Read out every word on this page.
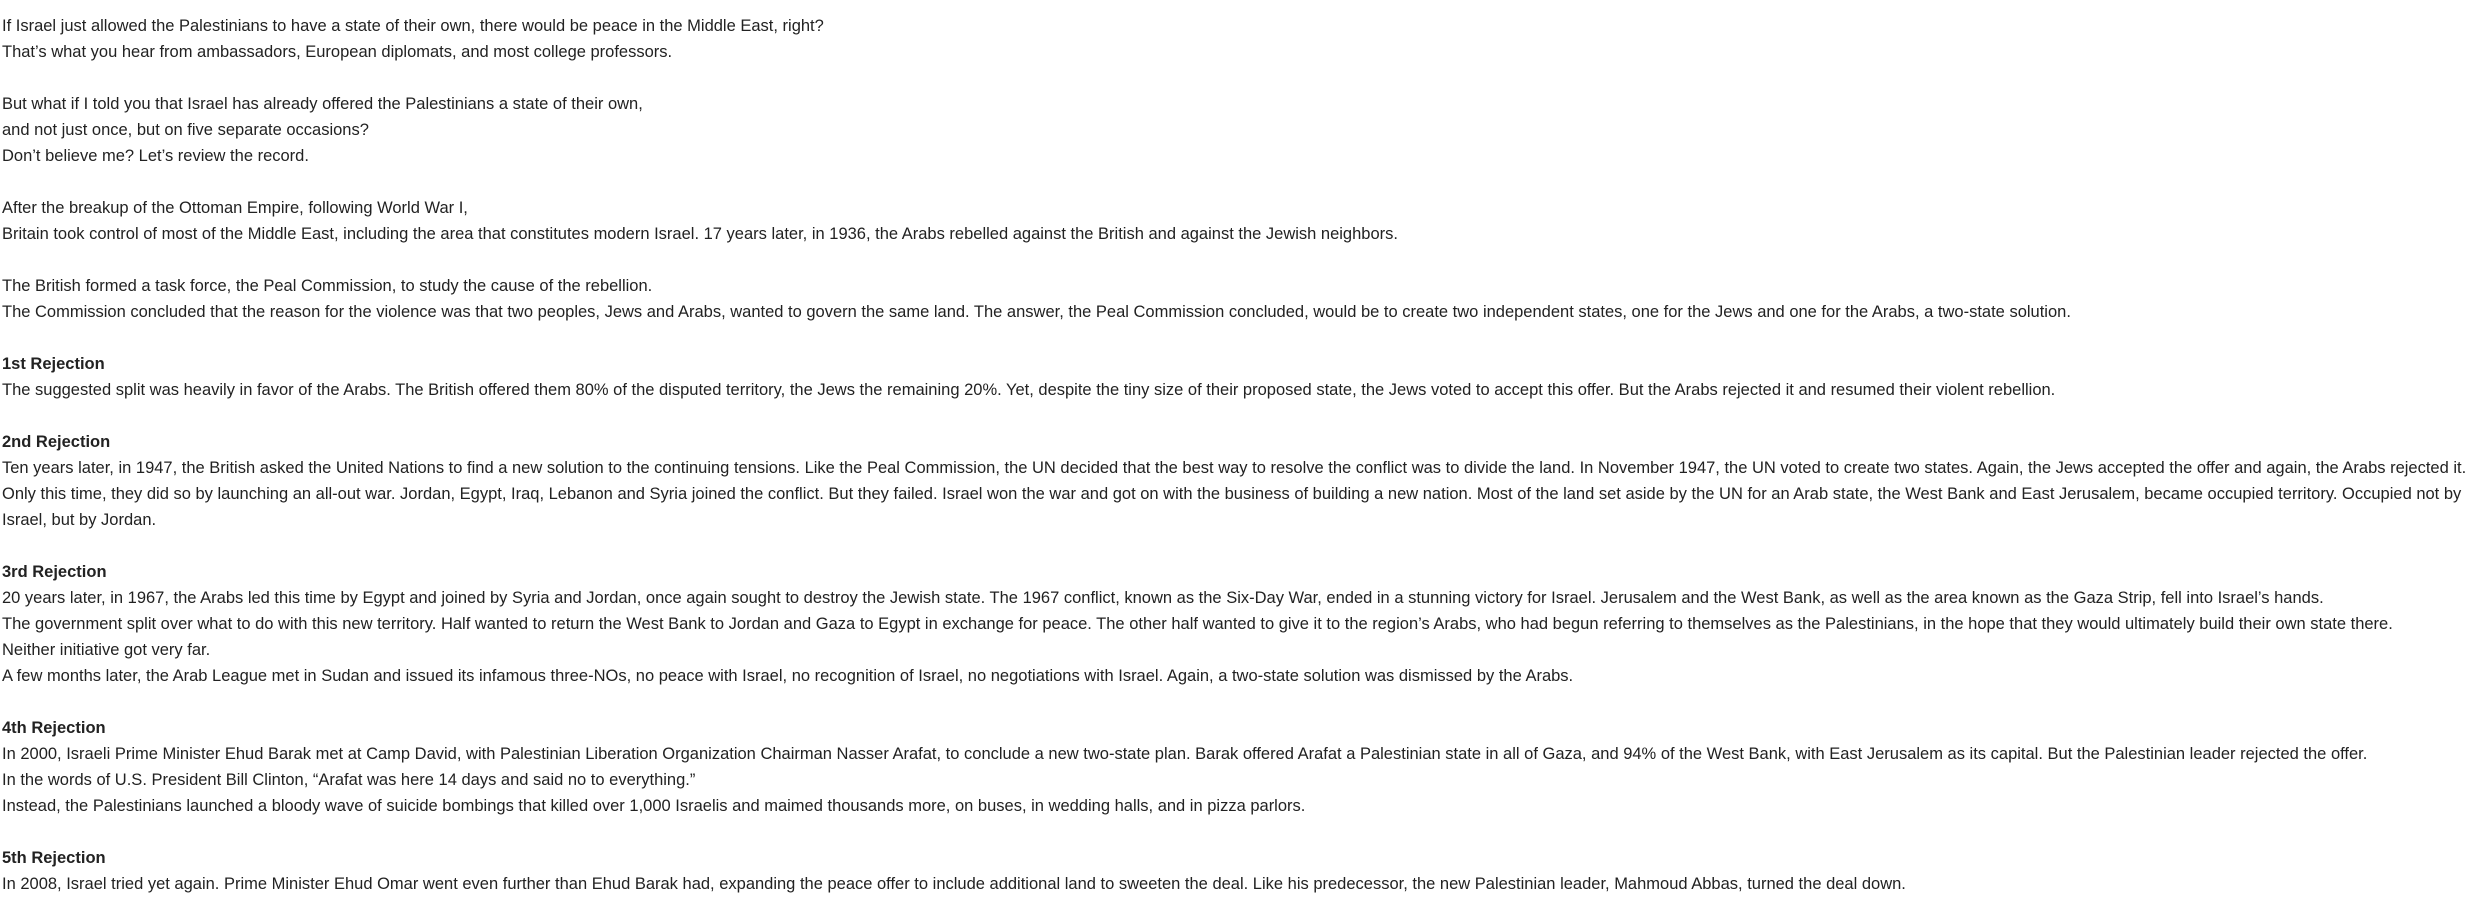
If Israel just allowed the Palestinians to have a state of their own, there would be peace in the Middle East, right?
That’s what you hear from ambassadors, European diplomats, and most college professors.
But what if I told you that Israel has already offered the Palestinians a state of their own,
and not just once, but on five separate occasions?
Don’t believe me? Let’s review the record.
After the breakup of the Ottoman Empire, following World War I,
Britain took control of most of the Middle East, including the area that constitutes modern Israel. 17 years later, in 1936, the Arabs rebelled against the British and against the Jewish neighbors.
The British formed a task force, the Peal Commission, to study the cause of the rebellion.
The Commission concluded that the reason for the violence was that two peoples, Jews and Arabs, wanted to govern the same land. The answer, the Peal Commission concluded, would be to create two independent states, one for the Jews and one for the Arabs, a two-state solution.
1st Rejection
The suggested split was heavily in favor of the Arabs. The British offered them 80% of the disputed territory, the Jews the remaining 20%. Yet, despite the tiny size of their proposed state, the Jews voted to accept this offer. But the Arabs rejected it and resumed their violent rebellion.
2nd Rejection
Ten years later, in 1947, the British asked the United Nations to find a new solution to the continuing tensions. Like the Peal Commission, the UN decided that the best way to resolve the conflict was to divide the land. In November 1947, the UN voted to create two states. Again, the Jews accepted the offer and again, the Arabs rejected it.
Only this time, they did so by launching an all-out war. Jordan, Egypt, Iraq, Lebanon and Syria joined the conflict. But they failed. Israel won the war and got on with the business of building a new nation. Most of the land set aside by the UN for an Arab state, the West Bank and East Jerusalem, became occupied territory. Occupied not by Israel, but by Jordan.
3rd Rejection
20 years later, in 1967, the Arabs led this time by Egypt and joined by Syria and Jordan, once again sought to destroy the Jewish state. The 1967 conflict, known as the Six-Day War, ended in a stunning victory for Israel. Jerusalem and the West Bank, as well as the area known as the Gaza Strip, fell into Israel’s hands.
The government split over what to do with this new territory. Half wanted to return the West Bank to Jordan and Gaza to Egypt in exchange for peace. The other half wanted to give it to the region’s Arabs, who had begun referring to themselves as the Palestinians, in the hope that they would ultimately build their own state there.
Neither initiative got very far.
A few months later, the Arab League met in Sudan and issued its infamous three-NOs, no peace with Israel, no recognition of Israel, no negotiations with Israel. Again, a two-state solution was dismissed by the Arabs.
4th Rejection
In 2000, Israeli Prime Minister Ehud Barak met at Camp David, with Palestinian Liberation Organization Chairman Nasser Arafat, to conclude a new two-state plan. Barak offered Arafat a Palestinian state in all of Gaza, and 94% of the West Bank, with East Jerusalem as its capital. But the Palestinian leader rejected the offer.
In the words of U.S. President Bill Clinton, “Arafat was here 14 days and said no to everything.”
Instead, the Palestinians launched a bloody wave of suicide bombings that killed over 1,000 Israelis and maimed thousands more, on buses, in wedding halls, and in pizza parlors.
5th Rejection
In 2008, Israel tried yet again. Prime Minister Ehud Omar went even further than Ehud Barak had, expanding the peace offer to include additional land to sweeten the deal. Like his predecessor, the new Palestinian leader, Mahmoud Abbas, turned the deal down.
